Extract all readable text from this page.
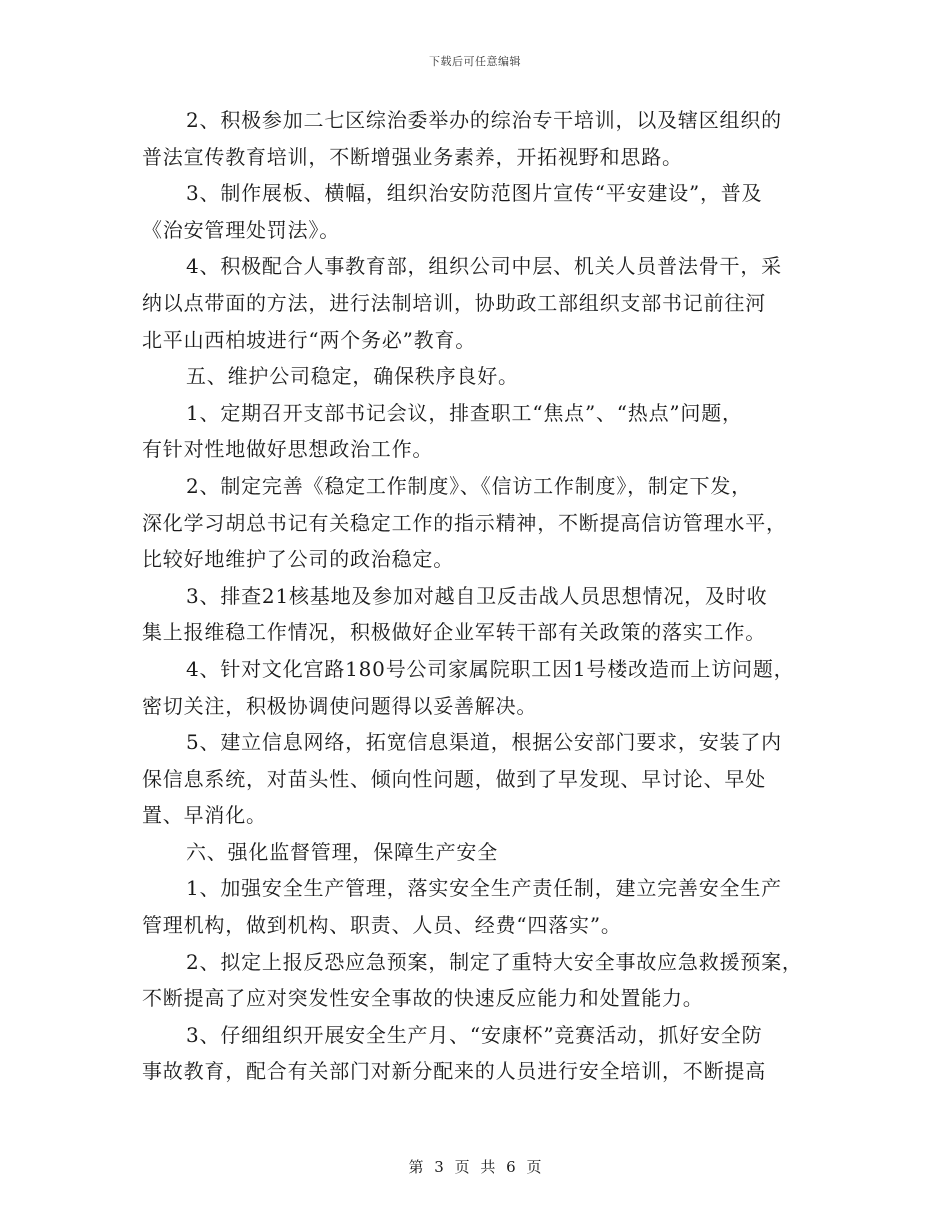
下载后可任意编辑
2、积极参加二七区综治委举办的综治专干培训，以及辖区组织的
普法宣传教育培训，不断增强业务素养，开拓视野和思路。
3、制作展板、横幅，组织治安防范图片宣传“平安建设”，普及
《治安管理处罚法》。
4、积极配合人事教育部，组织公司中层、机关人员普法骨干，采
纳以点带面的方法，进行法制培训，协助政工部组织支部书记前往河
北平山西柏坡进行“两个务必”教育。
五、维护公司稳定，确保秩序良好。
1、定期召开支部书记会议，排查职工“焦点”、“热点”问题，
有针对性地做好思想政治工作。
2、制定完善《稳定工作制度》、《信访工作制度》，制定下发，
深化学习胡总书记有关稳定工作的指示精神，不断提高信访管理水平，
比较好地维护了公司的政治稳定。
3、排查21核基地及参加对越自卫反击战人员思想情况，及时收
集上报维稳工作情况，积极做好企业军转干部有关政策的落实工作。
4、针对文化宫路180号公司家属院职工因1号楼改造而上访问题，
密切关注，积极协调使问题得以妥善解决。
5、建立信息网络，拓宽信息渠道，根据公安部门要求，安装了内
保信息系统，对苗头性、倾向性问题，做到了早发现、早讨论、早处
置、早消化。
六、强化监督管理，保障生产安全
1、加强安全生产管理，落实安全生产责任制，建立完善安全生产
管理机构，做到机构、职责、人员、经费“四落实”。
2、拟定上报反恐应急预案，制定了重特大安全事故应急救援预案，
不断提高了应对突发性安全事故的快速反应能力和处置能力。
3、仔细组织开展安全生产月、“安康杯”竞赛活动，抓好安全防
事故教育，配合有关部门对新分配来的人员进行安全培训，不断提高
第 3 页 共 6 页
